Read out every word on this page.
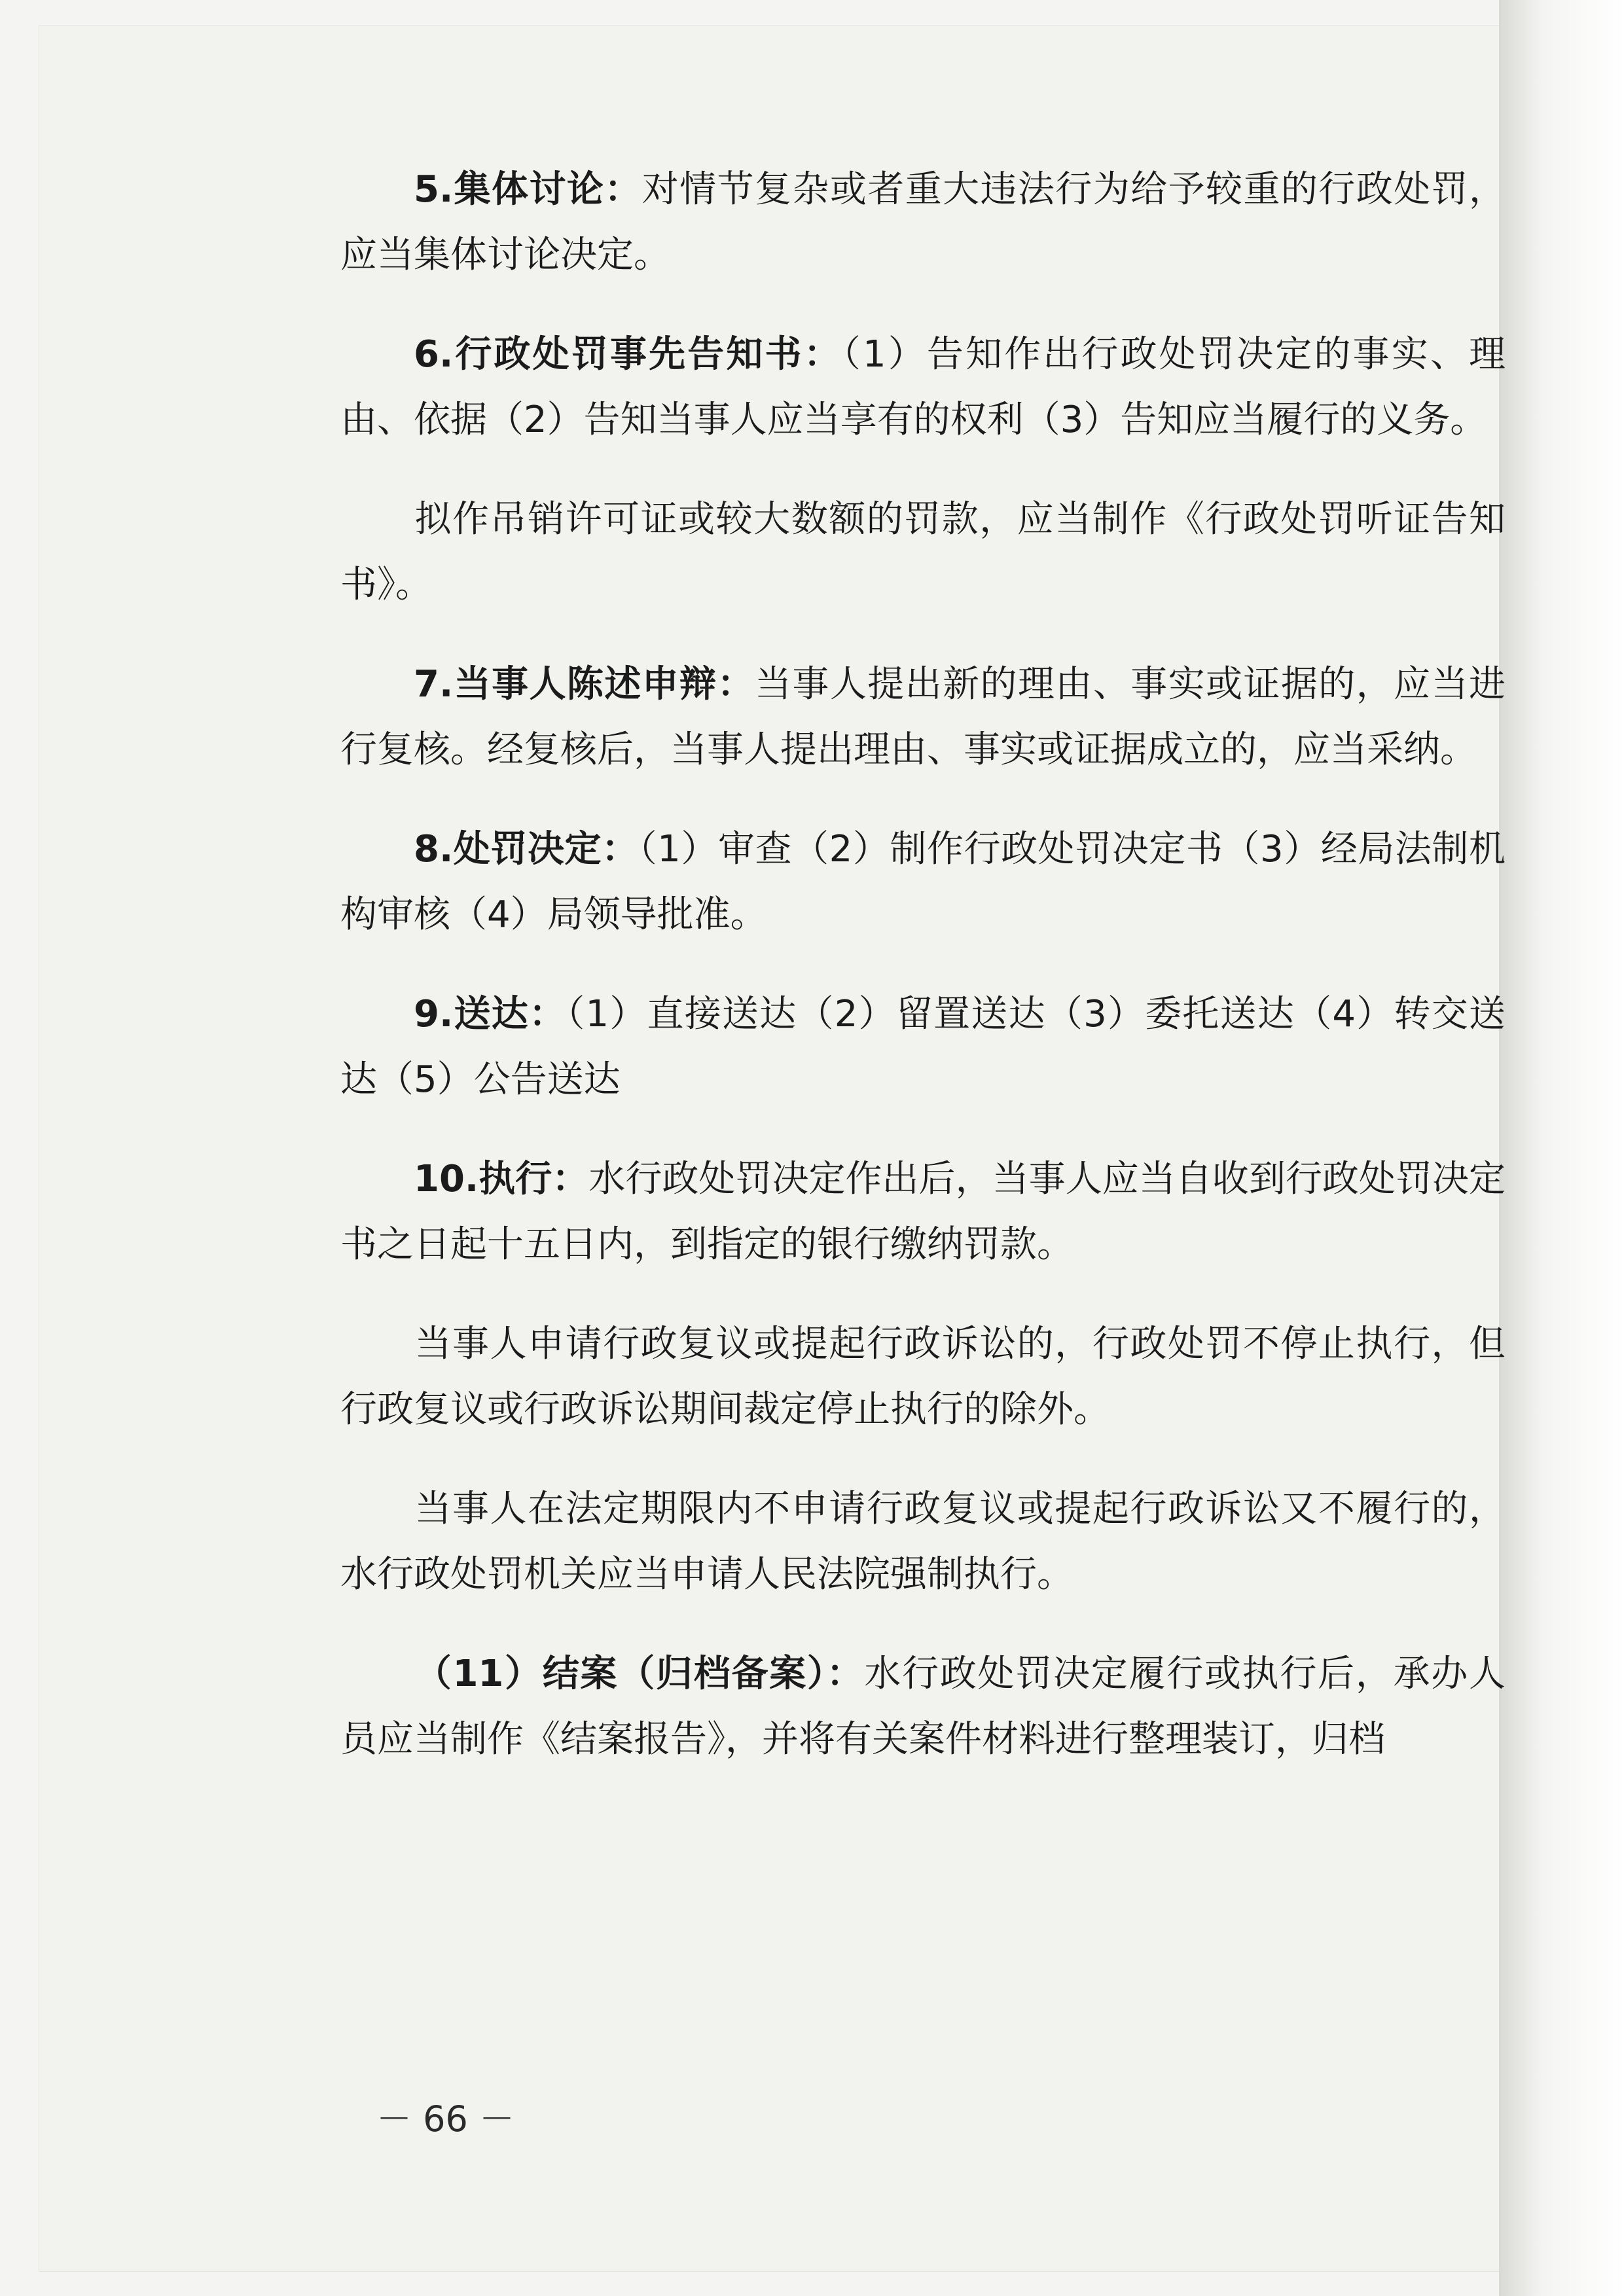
5.集体讨论：对情节复杂或者重大违法行为给予较重的行政处罚，应当集体讨论决定。

6.行政处罚事先告知书：（1）告知作出行政处罚决定的事实、理由、依据（2）告知当事人应当享有的权利（3）告知应当履行的义务。

拟作吊销许可证或较大数额的罚款，应当制作《行政处罚听证告知书》。

7.当事人陈述申辩：当事人提出新的理由、事实或证据的，应当进行复核。经复核后，当事人提出理由、事实或证据成立的，应当采纳。

8.处罚决定：（1）审查（2）制作行政处罚决定书（3）经局法制机构审核（4）局领导批准。

9.送达：（1）直接送达（2）留置送达（3）委托送达（4）转交送达（5）公告送达

10.执行：水行政处罚决定作出后，当事人应当自收到行政处罚决定书之日起十五日内，到指定的银行缴纳罚款。

当事人申请行政复议或提起行政诉讼的，行政处罚不停止执行，但行政复议或行政诉讼期间裁定停止执行的除外。

当事人在法定期限内不申请行政复议或提起行政诉讼又不履行的，水行政处罚机关应当申请人民法院强制执行。

（11）结案（归档备案）：水行政处罚决定履行或执行后，承办人员应当制作《结案报告》，并将有关案件材料进行整理装订，归档

－ 66 －
